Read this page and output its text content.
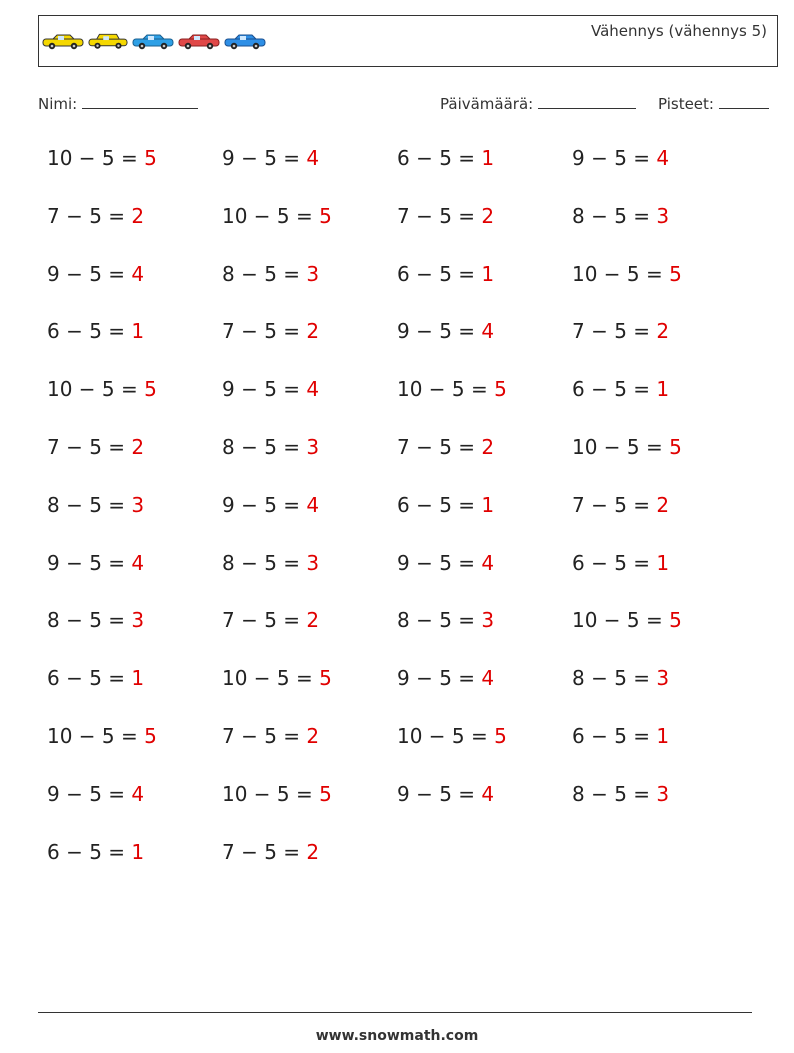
Vähennys (vähennys 5)
Nimi:	Päivämäärä:	Pisteet:
10 − 5 = 5	9 − 5 = 4	6 − 5 = 1	9 − 5 = 4
7 − 5 = 2	10 − 5 = 5	7 − 5 = 2	8 − 5 = 3
9 − 5 = 4	8 − 5 = 3	6 − 5 = 1	10 − 5 = 5
6 − 5 = 1	7 − 5 = 2	9 − 5 = 4	7 − 5 = 2
10 − 5 = 5	9 − 5 = 4	10 − 5 = 5	6 − 5 = 1
7 − 5 = 2	8 − 5 = 3	7 − 5 = 2	10 − 5 = 5
8 − 5 = 3	9 − 5 = 4	6 − 5 = 1	7 − 5 = 2
9 − 5 = 4	8 − 5 = 3	9 − 5 = 4	6 − 5 = 1
8 − 5 = 3	7 − 5 = 2	8 − 5 = 3	10 − 5 = 5
6 − 5 = 1	10 − 5 = 5	9 − 5 = 4	8 − 5 = 3
10 − 5 = 5	7 − 5 = 2	10 − 5 = 5	6 − 5 = 1
9 − 5 = 4	10 − 5 = 5	9 − 5 = 4	8 − 5 = 3
6 − 5 = 1	7 − 5 = 2
www.snowmath.com
